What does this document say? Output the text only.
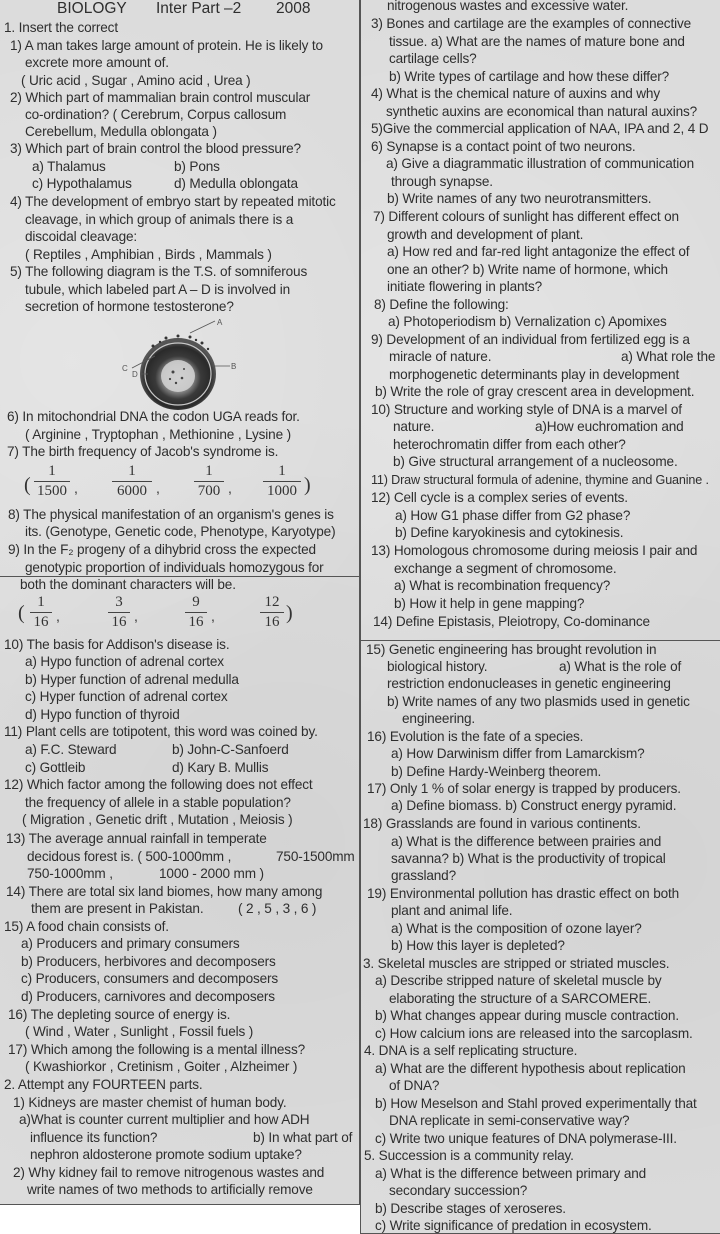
BIOLOGY Inter Part –2 2008
1. Insert the correct
1) A man takes large amount of protein. He is likely to
excrete more amount of.
( Uric acid , Sugar , Amino acid , Urea )
2) Which part of mammalian brain control muscular
co-ordination? ( Cerebrum, Corpus callosum
Cerebellum, Medulla oblongata )
3) Which part of brain control the blood pressure?
a) Thalamus	b) Pons
c) Hypothalamus	d) Medulla oblongata
4) The development of embryo start by repeated mitotic
cleavage, in which group of animals there is a
discoidal cleavage:
( Reptiles , Amphibian , Birds , Mammals )
5) The following diagram is the T.S. of somniferous
tubule, which labeled part A – D is involved in
secretion of hormone testosterone?
A
B
C
D
6) In mitochondrial DNA the codon UGA reads for.
( Arginine , Tryptophan , Methionine , Lysine )
7) The birth frequency of Jacob's syndrome is.
(
1
1500 ,
1
6000 ,
1
700 ,
1
1000 )
8) The physical manifestation of an organism's genes is
its. (Genotype, Genetic code, Phenotype, Karyotype)
9) In the F₂ progeny of a dihybrid cross the expected
genotypic proportion of individuals homozygous for
both the dominant characters will be.
( 1
16 ,
3
16 ,
9
16 ,
12
16 )
10) The basis for Addison's disease is.
a) Hypo function of adrenal cortex
b) Hyper function of adrenal medulla
c) Hyper function of adrenal cortex
d) Hypo function of thyroid
11) Plant cells are totipotent, this word was coined by.
a) F.C. Steward	b) John-C-Sanfoerd
c) Gottleib	d) Kary B. Mullis
12) Which factor among the following does not effect
the frequency of allele in a stable population?
( Migration , Genetic drift , Mutation , Meiosis )
13) The average annual rainfall in temperate
decidous forest is. ( 500-1000mm ,	750-1500mm
750-1000mm ,	1000 - 2000 mm )
14) There are total six land biomes, how many among
them are present in Pakistan.	( 2 , 5 , 3 , 6 )
15) A food chain consists of.
a) Producers and primary consumers
b) Producers, herbivores and decomposers
c) Producers, consumers and decomposers
d) Producers, carnivores and decomposers
16) The depleting source of energy is.
( Wind , Water , Sunlight , Fossil fuels )
17) Which among the following is a mental illness?
( Kwashiorkor , Cretinism , Goiter , Alzheimer )
2. Attempt any FOURTEEN parts.
1) Kidneys are master chemist of human body.
a)What is counter current multiplier and how ADH
influence its function?	b) In what part of
nephron aldosterone promote sodium uptake?
2) Why kidney fail to remove nitrogenous wastes and
write names of two methods to artificially remove
nitrogenous wastes and excessive water.
3) Bones and cartilage are the examples of connective
tissue. a) What are the names of mature bone and
cartilage cells?
b) Write types of cartilage and how these differ?
4) What is the chemical nature of auxins and why
synthetic auxins are economical than natural auxins?
5)Give the commercial application of NAA, IPA and 2, 4 D
6) Synapse is a contact point of two neurons.
a) Give a diagrammatic illustration of communication
through synapse.
b) Write names of any two neurotransmitters.
7) Different colours of sunlight has different effect on
growth and development of plant.
a) How red and far-red light antagonize the effect of
one an other? b) Write name of hormone, which
initiate flowering in plants?
8) Define the following:
a) Photoperiodism b) Vernalization c) Apomixes
9) Development of an individual from fertilized egg is a
miracle of nature.	a) What role the
morphogenetic determinants play in development
b) Write the role of gray crescent area in development.
10) Structure and working style of DNA is a marvel of
nature.	a)How euchromation and
heterochromatin differ from each other?
b) Give structural arrangement of a nucleosome.
11) Draw structural formula of adenine, thymine and Guanine .
12) Cell cycle is a complex series of events.
a) How G1 phase differ from G2 phase?
b) Define karyokinesis and cytokinesis.
13) Homologous chromosome during meiosis I pair and
exchange a segment of chromosome.
a) What is recombination frequency?
b) How it help in gene mapping?
14) Define Epistasis, Pleiotropy, Co-dominance
15) Genetic engineering has brought revolution in
biological history.	a) What is the role of
restriction endonucleases in genetic engineering
b) Write names of any two plasmids used in genetic
engineering.
16) Evolution is the fate of a species.
a) How Darwinism differ from Lamarckism?
b) Define Hardy-Weinberg theorem.
17) Only 1 % of solar energy is trapped by producers.
a) Define biomass. b) Construct energy pyramid.
18) Grasslands are found in various continents.
a) What is the difference between prairies and
savanna? b) What is the productivity of tropical
grassland?
19) Environmental pollution has drastic effect on both
plant and animal life.
a) What is the composition of ozone layer?
b) How this layer is depleted?
3. Skeletal muscles are stripped or striated muscles.
a) Describe stripped nature of skeletal muscle by
elaborating the structure of a SARCOMERE.
b) What changes appear during muscle contraction.
c) How calcium ions are released into the sarcoplasm.
4. DNA is a self replicating structure.
a) What are the different hypothesis about replication
of DNA?
b) How Meselson and Stahl proved experimentally that
DNA replicate in semi-conservative way?
c) Write two unique features of DNA polymerase-III.
5. Succession is a community relay.
a) What is the difference between primary and
secondary succession?
b) Describe stages of xeroseres.
c) Write significance of predation in ecosystem.
